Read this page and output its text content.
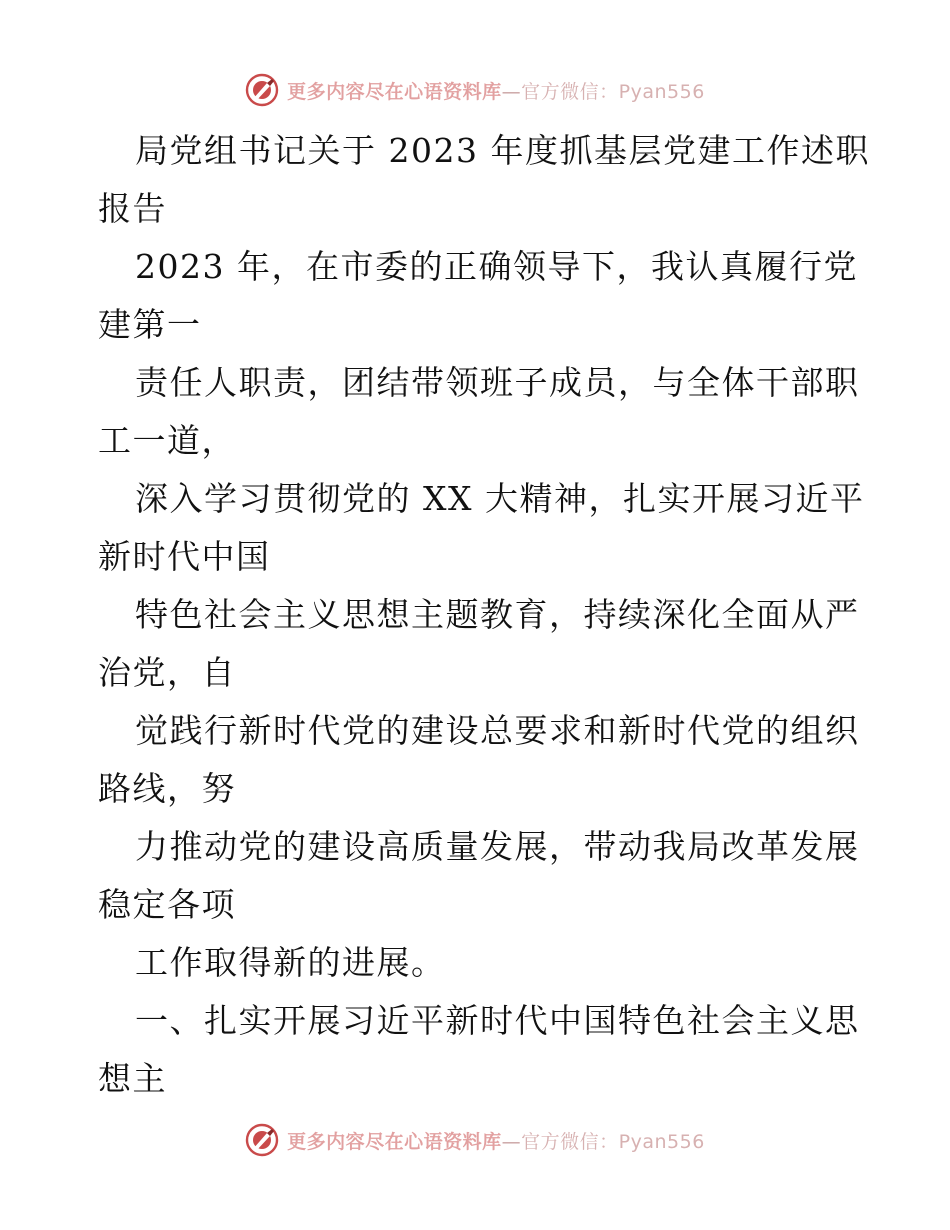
更多内容尽在心语资料库—官方微信：Pyan556
局党组书记关于 2023 年度抓基层党建工作述职
报告
2023 年，在市委的正确领导下，我认真履行党
建第一
责任人职责，团结带领班子成员，与全体干部职
工一道，
深入学习贯彻党的 XX 大精神，扎实开展习近平
新时代中国
特色社会主义思想主题教育，持续深化全面从严
治党，自
觉践行新时代党的建设总要求和新时代党的组织
路线，努
力推动党的建设高质量发展，带动我局改革发展
稳定各项
工作取得新的进展。
一、扎实开展习近平新时代中国特色社会主义思
想主
更多内容尽在心语资料库—官方微信：Pyan556
